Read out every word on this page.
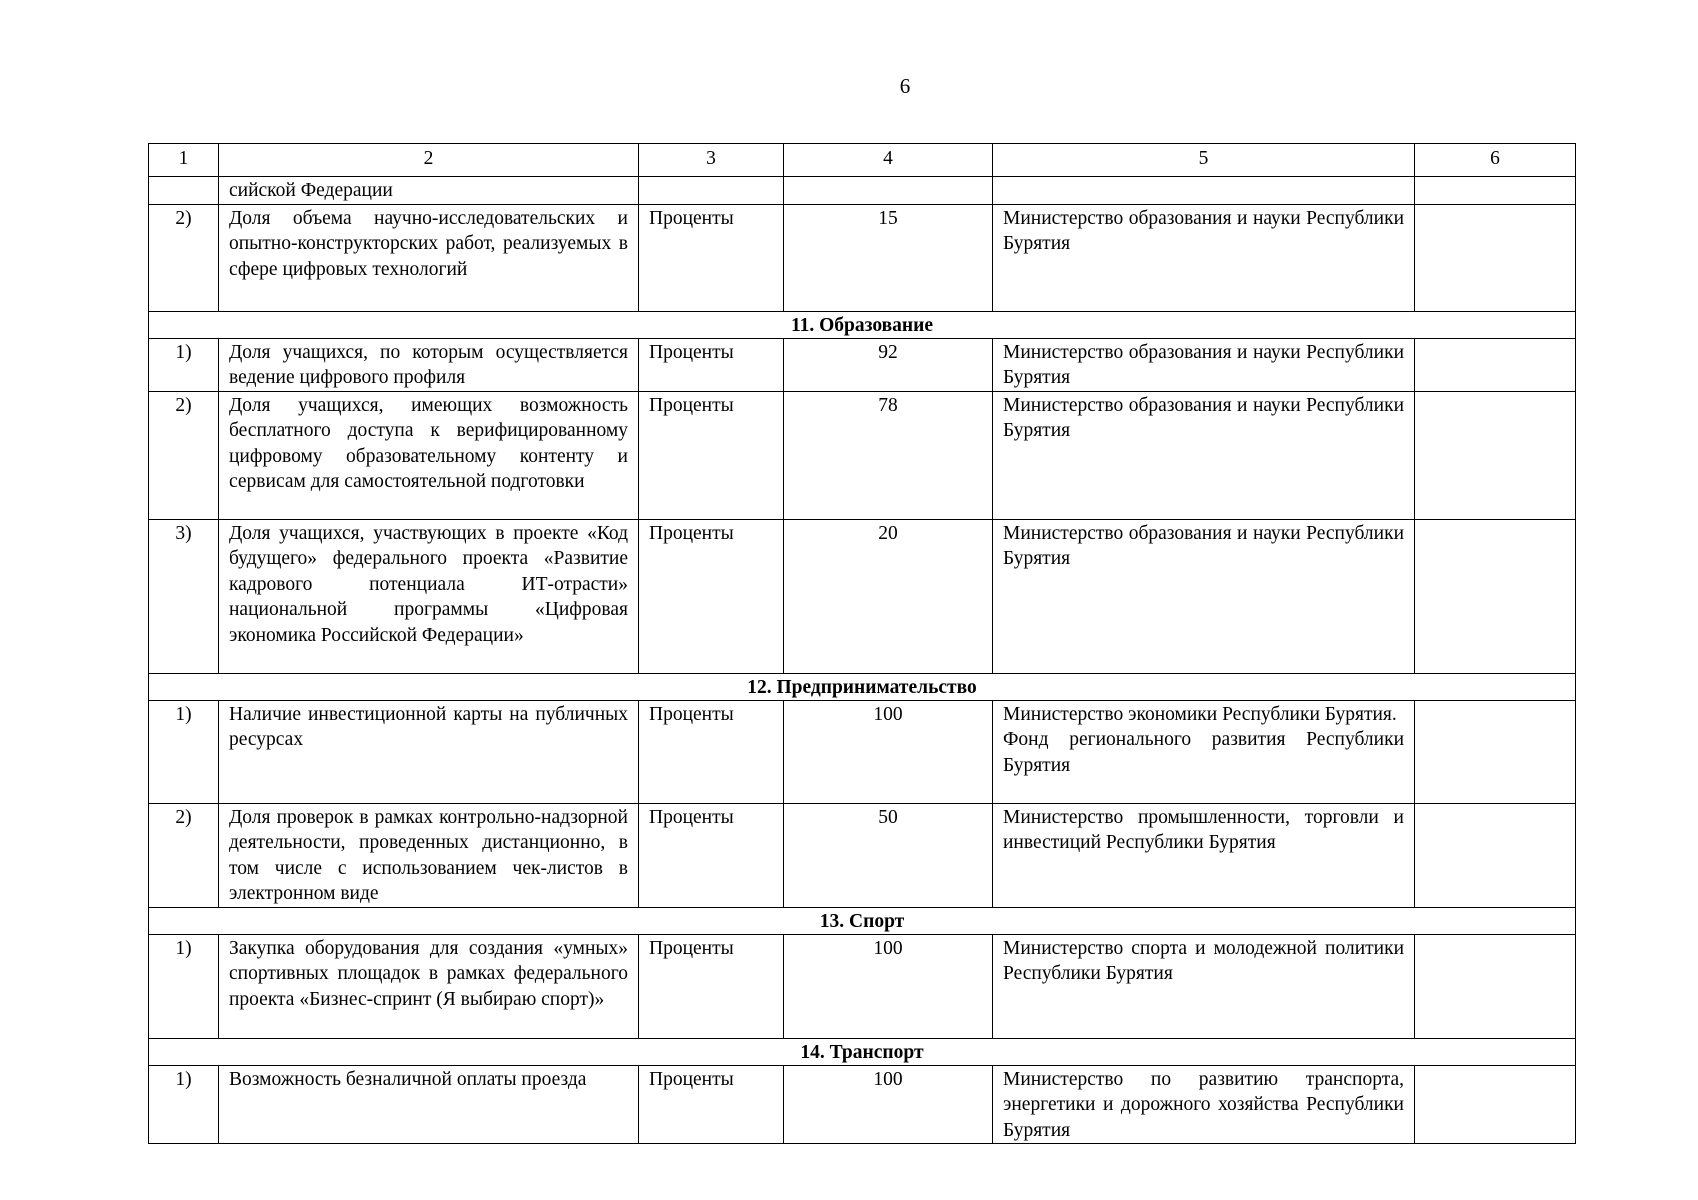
6
1	2	3	4	5	6
	сийской Федерации				
2)	Доля объема научно-исследовательских и опытно-конструкторских работ, реализуемых в сфере цифровых технологий	Проценты	15	Министерство образования и науки Республики Бурятия	
11. Образование					
1)	Доля учащихся, по которым осуществляется ведение цифрового профиля	Проценты	92	Министерство образования и науки Республики Бурятия	
2)	Доля учащихся, имеющих возможность бесплатного доступа к верифицированному цифровому образовательному контенту и сервисам для самостоятельной подготовки	Проценты	78	Министерство образования и науки Республики Бурятия	
3)	Доля учащихся, участвующих в проекте «Код будущего» федерального проекта «Развитие кадрового потенциала ИТ-отрасти» национальной программы «Цифровая экономика Российской Федерации»	Проценты	20	Министерство образования и науки Республики Бурятия	
12. Предпринимательство					
1)	Наличие инвестиционной карты на публичных ресурсах	Проценты	100	Министерство экономики Республики Бурятия.
Фонд регионального развития Республики Бурятия	

2)	Доля проверок в рамках контрольно-надзорной деятельности, проведенных дистанционно, в том числе с использованием чек-листов в электронном виде	Проценты	50	Министерство промышленности, торговли и инвестиций Республики Бурятия	
13. Спорт					
1)	Закупка оборудования для создания «умных» спортивных площадок в рамках федерального проекта «Бизнес-спринт (Я выбираю спорт)»	Проценты	100	Министерство спорта и молодежной политики Республики Бурятия	
14. Транспорт					
1)	Возможность безналичной оплаты проезда	Проценты	100	Министерство по развитию транспорта, энергетики и дорожного хозяйства Республики Бурятия	
